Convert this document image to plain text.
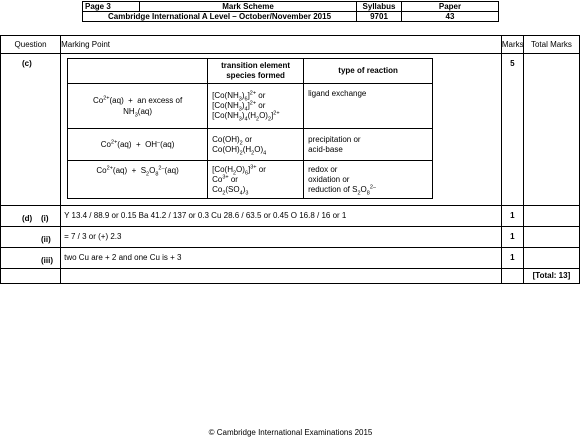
Page 3	Mark Scheme	Syllabus	Paper
Cambridge International A Level – October/November 2015		9701	43
Question	Marking Point	Marks	Total Marks

(c)

		transition element species formed	type of reaction
$Co^{2+}(aq)$  +  an excess of
$NH_3(aq)$	$[Co(NH_3)_6]^{2+}$ or
$[Co(NH_3)_4]^{2+}$ or
$[Co(NH_3)_4(H_2O)_2]^{2+}$	ligand exchange
$Co^{2+}(aq) + OH^-(aq)$	$Co(OH)_2$ or
$Co(OH)_2(H_2O)_4$	precipitation or
acid-base
$Co^{2+}(aq) + S_2O_8^{2-}(aq)$	$[Co(H_2O)_6]^{3+}$ or
$Co^{3+}$ or
$Co_2(SO_4)_3$	redox or
oxidation or
reduction of $S_2O_8^{2-}$
	5	

(d) (i)	Y 13.4 / 88.9 or 0.15 Ba 41.2 / 137 or 0.3 Cu 28.6 / 63.5 or 0.45 O 16.8 / 16 or 1	1	

(ii)	= 7 / 3 or (+) 2.3	1	

(iii)	two Cu are + 2 and one Cu is + 3	1	
			[Total: 13]
© Cambridge International Examinations 2015
